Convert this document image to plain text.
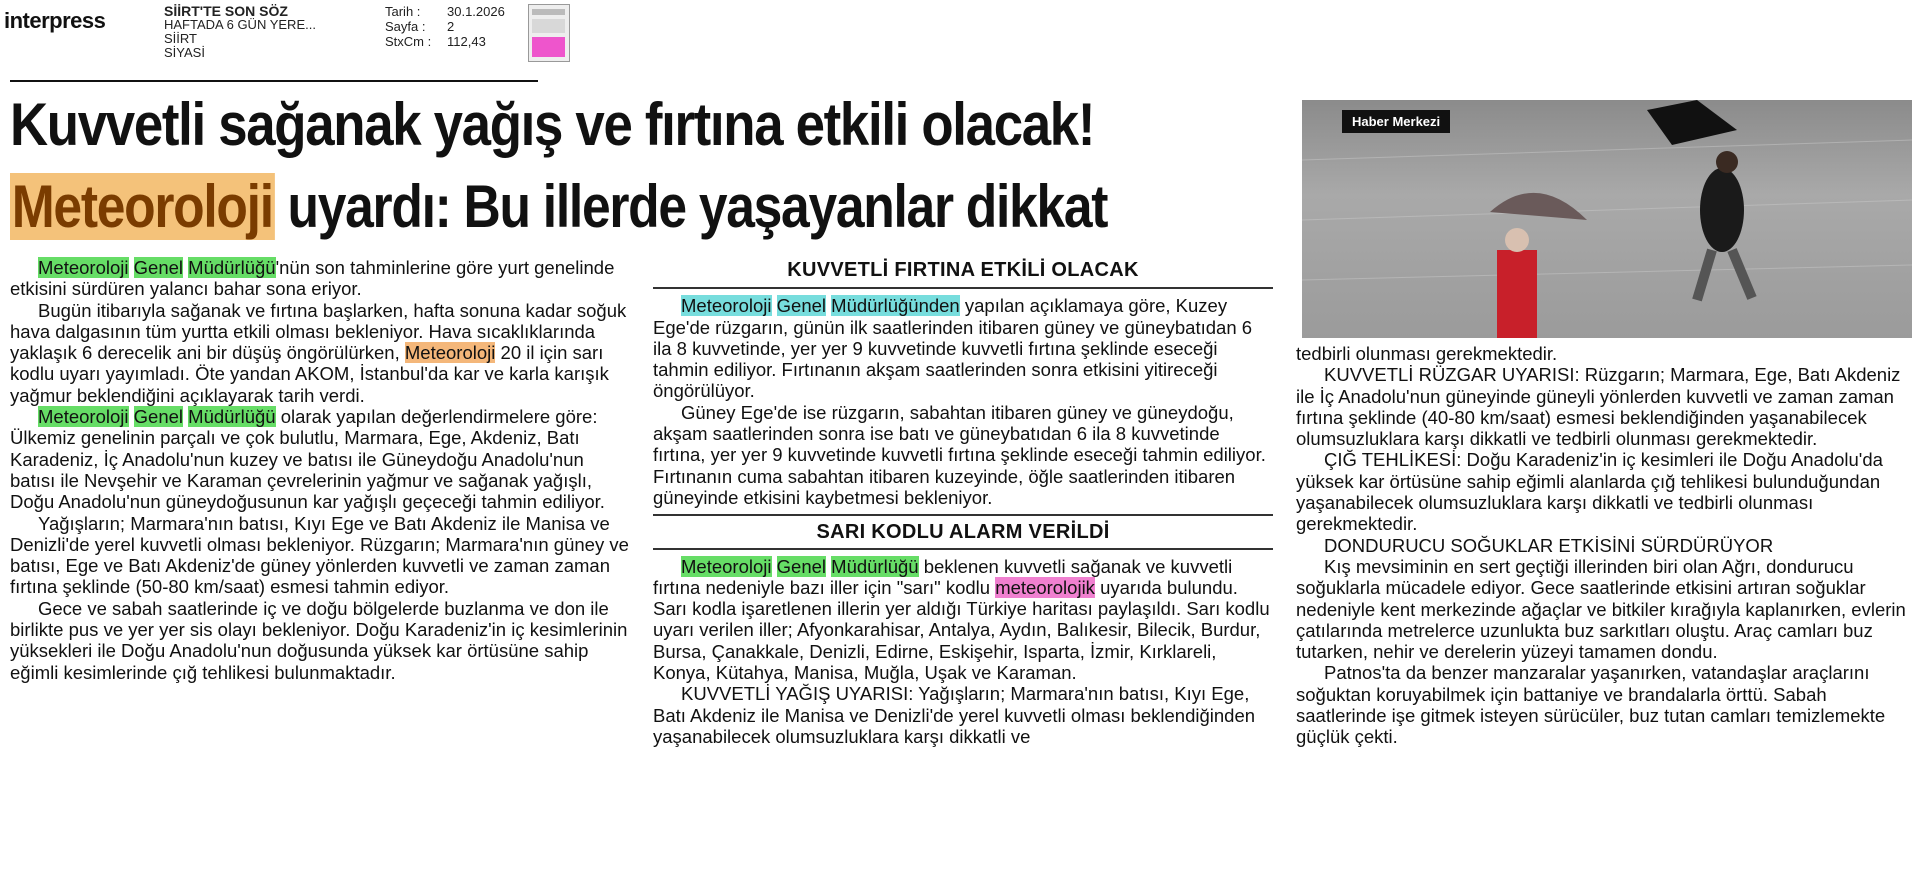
interpress	SİİRT'TE SON SÖZ
HAFTADA 6 GÜN YERE...
SİİRT
SİYASİ
Tarih :	30.1.2026
Sayfa :	2
StxCm :	112,43
Kuvvetli sağanak yağış ve fırtına etkili olacak!
Meteoroloji uyardı: Bu illerde yaşayanlar dikkat
Haber Merkezi

Meteoroloji Genel Müdürlüğü'nün son tahminlerine göre yurt genelinde etkisini sürdüren yalancı bahar sona eriyor.

Bugün itibarıyla sağanak ve fırtına başlarken, hafta sonuna kadar soğuk hava dalgasının tüm yurtta etkili olması bekleniyor. Hava sıcaklıklarında yaklaşık 6 derecelik ani bir düşüş öngörülürken, Meteoroloji 20 il için sarı kodlu uyarı yayımladı. Öte yandan AKOM, İstanbul'da kar ve karla karışık yağmur beklendiğini açıklayarak tarih verdi.

Meteoroloji Genel Müdürlüğü olarak yapılan değerlendirmelere göre: Ülkemiz genelinin parçalı ve çok bulutlu, Marmara, Ege, Akdeniz, Batı Karadeniz, İç Anadolu'nun kuzey ve batısı ile Güneydoğu Anadolu'nun batısı ile Nevşehir ve Karaman çevrelerinin yağmur ve sağanak yağışlı, Doğu Anadolu'nun güneydoğusunun kar yağışlı geçeceği tahmin ediliyor.

Yağışların; Marmara'nın batısı, Kıyı Ege ve Batı Akdeniz ile Manisa ve Denizli'de yerel kuvvetli olması bekleniyor. Rüzgarın; Marmara'nın güney ve batısı, Ege ve Batı Akdeniz'de güney yönlerden kuvvetli ve zaman zaman fırtına şeklinde (50-80 km/saat) esmesi tahmin ediyor.

Gece ve sabah saatlerinde iç ve doğu bölgelerde buzlanma ve don ile birlikte pus ve yer yer sis olayı bekleniyor. Doğu Karadeniz'in iç kesimlerinin yüksekleri ile Doğu Anadolu'nun doğusunda yüksek kar örtüsüne sahip eğimli kesimlerinde çığ tehlikesi bulunmaktadır.

KUVVETLİ FIRTINA ETKİLİ OLACAK

Meteoroloji Genel Müdürlüğünden yapılan açıklamaya göre, Kuzey Ege'de rüzgarın, günün ilk saatlerinden itibaren güney ve güneybatıdan 6 ila 8 kuvvetinde, yer yer 9 kuvvetinde kuvvetli fırtına şeklinde eseceği tahmin ediliyor. Fırtınanın akşam saatlerinden sonra etkisini yitireceği öngörülüyor.

Güney Ege'de ise rüzgarın, sabahtan itibaren güney ve güneydoğu, akşam saatlerinden sonra ise batı ve güneybatıdan 6 ila 8 kuvvetinde fırtına, yer yer 9 kuvvetinde kuvvetli fırtına şeklinde eseceği tahmin ediliyor. Fırtınanın cuma sabahtan itibaren kuzeyinde, öğle saatlerinden itibaren güneyinde etkisini kaybetmesi bekleniyor.

SARI KODLU ALARM VERİLDİ

Meteoroloji Genel Müdürlüğü beklenen kuvvetli sağanak ve kuvvetli fırtına nedeniyle bazı iller için "sarı" kodlu meteorolojik uyarıda bulundu. Sarı kodla işaretlenen illerin yer aldığı Türkiye haritası paylaşıldı. Sarı kodlu uyarı verilen iller; Afyonkarahisar, Antalya, Aydın, Balıkesir, Bilecik, Burdur, Bursa, Çanakkale, Denizli, Edirne, Eskişehir, Isparta, İzmir, Kırklareli, Konya, Kütahya, Manisa, Muğla, Uşak ve Karaman.

KUVVETLİ YAĞIŞ UYARISI: Yağışların; Marmara'nın batısı, Kıyı Ege, Batı Akdeniz ile Manisa ve Denizli'de yerel kuvvetli olması beklendiğinden yaşanabilecek olumsuzluklara karşı dikkatli ve

tedbirli olunması gerekmektedir.

KUVVETLİ RÜZGAR UYARISI: Rüzgarın; Marmara, Ege, Batı Akdeniz ile İç Anadolu'nun güneyinde güneyli yönlerden kuvvetli ve zaman zaman fırtına şeklinde (40-80 km/saat) esmesi beklendiğinden yaşanabilecek olumsuzluklara karşı dikkatli ve tedbirli olunması gerekmektedir.

ÇIĞ TEHLİKESİ: Doğu Karadeniz'in iç kesimleri ile Doğu Anadolu'da yüksek kar örtüsüne sahip eğimli alanlarda çığ tehlikesi bulunduğundan yaşanabilecek olumsuzluklara karşı dikkatli ve tedbirli olunması gerekmektedir.

DONDURUCU SOĞUKLAR ETKİSİNİ SÜRDÜRÜYOR

Kış mevsiminin en sert geçtiği illerinden biri olan Ağrı, dondurucu soğuklarla mücadele ediyor. Gece saatlerinde etkisini artıran soğuklar nedeniyle kent merkezinde ağaçlar ve bitkiler kırağıyla kaplanırken, evlerin çatılarında metrelerce uzunlukta buz sarkıtları oluştu. Araç camları buz tutarken, nehir ve derelerin yüzeyi tamamen dondu.

Patnos'ta da benzer manzaralar yaşanırken, vatandaşlar araçlarını soğuktan koruyabilmek için battaniye ve brandalarla örttü. Sabah saatlerinde işe gitmek isteyen sürücüler, buz tutan camları temizlemekte güçlük çekti.
